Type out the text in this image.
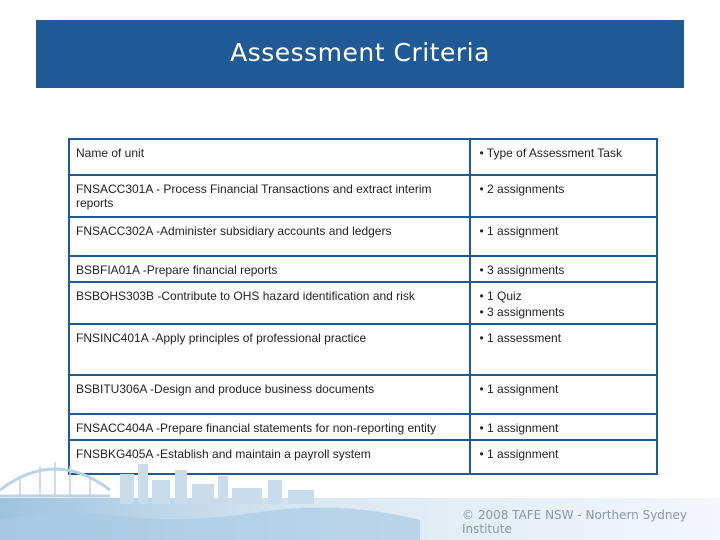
Assessment Criteria
Name of unit	• Type of Assessment Task
FNSACC301A - Process Financial Transactions and extract interim reports	• 2 assignments

FNSACC302A -Administer subsidiary accounts and ledgers	• 1 assignment

BSBFIA01A -Prepare financial reports	• 3 assignments

BSBOHS303B -Contribute to OHS hazard identification and risk	• 1 Quiz
• 3 assignments

FNSINC401A -Apply principles of professional practice	• 1 assessment

BSBITU306A -Design and produce business documents	• 1 assignment

FNSACC404A -Prepare financial statements for non-reporting entity	• 1 assignment

FNSBKG405A -Establish and maintain a payroll system	• 1 assignment
© 2008 TAFE NSW - Northern Sydney Institute
